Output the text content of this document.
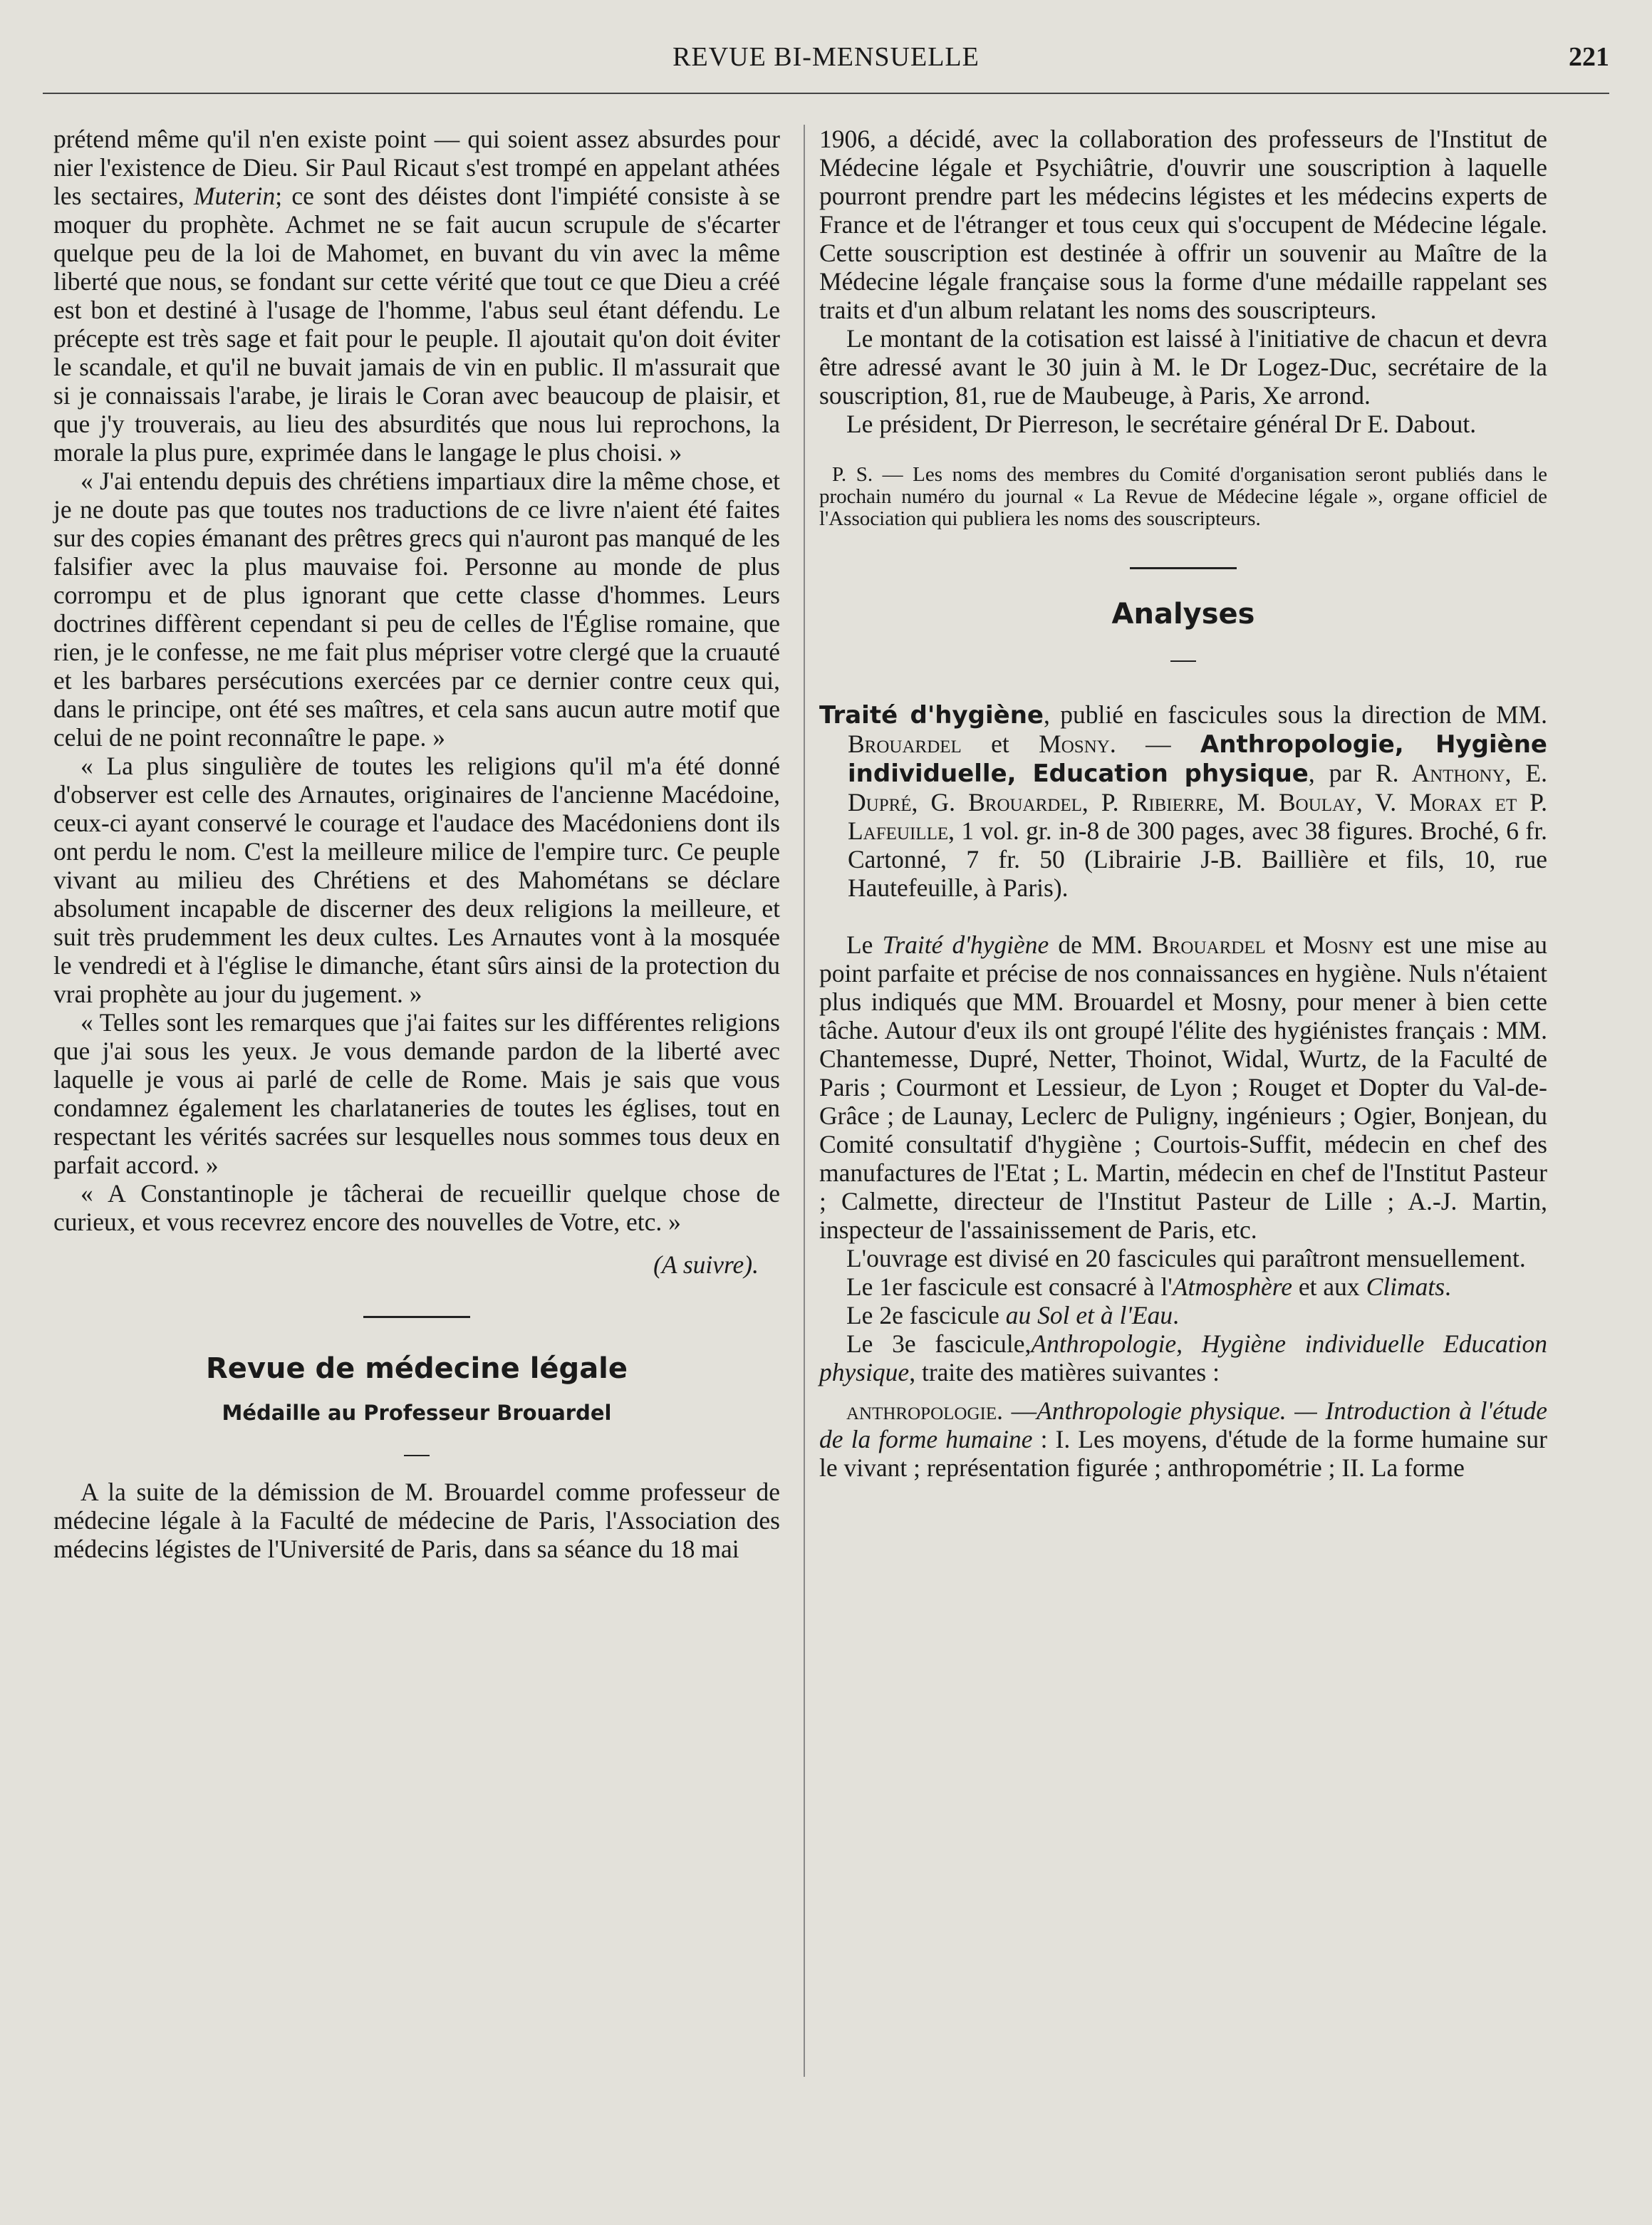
REVUE BI-MENSUELLE	221

prétend même qu'il n'en existe point — qui soient assez absurdes pour nier l'existence de Dieu. Sir Paul Ricaut s'est trompé en appelant athées les sectaires, Muterin; ce sont des déistes dont l'impiété consiste à se moquer du prophète. Achmet ne se fait aucun scrupule de s'écarter quelque peu de la loi de Mahomet, en buvant du vin avec la même liberté que nous, se fondant sur cette vérité que tout ce que Dieu a créé est bon et destiné à l'usage de l'homme, l'abus seul étant défendu. Le précepte est très sage et fait pour le peuple. Il ajoutait qu'on doit éviter le scandale, et qu'il ne buvait jamais de vin en public. Il m'assurait que si je connaissais l'arabe, je lirais le Coran avec beaucoup de plaisir, et que j'y trouverais, au lieu des absurdités que nous lui reprochons, la morale la plus pure, exprimée dans le langage le plus choisi. »

« J'ai entendu depuis des chrétiens impartiaux dire la même chose, et je ne doute pas que toutes nos traductions de ce livre n'aient été faites sur des copies émanant des prêtres grecs qui n'auront pas manqué de les falsifier avec la plus mauvaise foi. Personne au monde de plus corrompu et de plus ignorant que cette classe d'hommes. Leurs doctrines diffèrent cependant si peu de celles de l'Église romaine, que rien, je le confesse, ne me fait plus mépriser votre clergé que la cruauté et les barbares persécutions exercées par ce dernier contre ceux qui, dans le principe, ont été ses maîtres, et cela sans aucun autre motif que celui de ne point reconnaître le pape. »

« La plus singulière de toutes les religions qu'il m'a été donné d'observer est celle des Arnautes, originaires de l'ancienne Macédoine, ceux-ci ayant conservé le courage et l'audace des Macédoniens dont ils ont perdu le nom. C'est la meilleure milice de l'empire turc. Ce peuple vivant au milieu des Chrétiens et des Mahométans se déclare absolument incapable de discerner des deux religions la meilleure, et suit très prudemment les deux cultes. Les Arnautes vont à la mosquée le vendredi et à l'église le dimanche, étant sûrs ainsi de la protection du vrai prophète au jour du jugement. »

« Telles sont les remarques que j'ai faites sur les différentes religions que j'ai sous les yeux. Je vous demande pardon de la liberté avec laquelle je vous ai parlé de celle de Rome. Mais je sais que vous condamnez également les charlataneries de toutes les églises, tout en respectant les vérités sacrées sur lesquelles nous sommes tous deux en parfait accord. »

« A Constantinople je tâcherai de recueillir quelque chose de curieux, et vous recevrez encore des nouvelles de Votre, etc. »

(A suivre).

Revue de médecine légale

Médaille au Professeur Brouardel

A la suite de la démission de M. Brouardel comme professeur de médecine légale à la Faculté de médecine de Paris, l'Association des médecins légistes de l'Université de Paris, dans sa séance du 18 mai

1906, a décidé, avec la collaboration des professeurs de l'Institut de Médecine légale et Psychiâtrie, d'ouvrir une souscription à laquelle pourront prendre part les médecins légistes et les médecins experts de France et de l'étranger et tous ceux qui s'occupent de Médecine légale. Cette souscription est destinée à offrir un souvenir au Maître de la Médecine légale française sous la forme d'une médaille rappelant ses traits et d'un album relatant les noms des souscripteurs.

Le montant de la cotisation est laissé à l'initiative de chacun et devra être adressé avant le 30 juin à M. le Dr Logez-Duc, secrétaire de la souscription, 81, rue de Maubeuge, à Paris, Xe arrond.

Le président, Dr Pierreson, le secrétaire général Dr E. Dabout.

P. S. — Les noms des membres du Comité d'organisation seront publiés dans le prochain numéro du journal « La Revue de Médecine légale », organe officiel de l'Association qui publiera les noms des souscripteurs.

Analyses

Traité d'hygiène, publié en fascicules sous la direction de MM. Brouardel et Mosny. — Anthropologie, Hygiène individuelle, Education physique, par R. Anthony, E. Dupré, G. Brouardel, P. Ribierre, M. Boulay, V. Morax et P. Lafeuille, 1 vol. gr. in-8 de 300 pages, avec 38 figures. Broché, 6 fr. Cartonné, 7 fr. 50 (Librairie J-B. Baillière et fils, 10, rue Hautefeuille, à Paris).

Le Traité d'hygiène de MM. Brouardel et Mosny est une mise au point parfaite et précise de nos connaissances en hygiène. Nuls n'étaient plus indiqués que MM. Brouardel et Mosny, pour mener à bien cette tâche. Autour d'eux ils ont groupé l'élite des hygiénistes français : MM. Chantemesse, Dupré, Netter, Thoinot, Widal, Wurtz, de la Faculté de Paris ; Courmont et Lessieur, de Lyon ; Rouget et Dopter du Val-de-Grâce ; de Launay, Leclerc de Puligny, ingénieurs ; Ogier, Bonjean, du Comité consultatif d'hygiène ; Courtois-Suffit, médecin en chef des manufactures de l'Etat ; L. Martin, médecin en chef de l'Institut Pasteur ; Calmette, directeur de l'Institut Pasteur de Lille ; A.-J. Martin, inspecteur de l'assainissement de Paris, etc.

L'ouvrage est divisé en 20 fascicules qui paraîtront mensuellement.

Le 1er fascicule est consacré à l'Atmosphère et aux Climats.

Le 2e fascicule au Sol et à l'Eau.

Le 3e fascicule,Anthropologie, Hygiène individuelle Education physique, traite des matières suivantes :

anthropologie. —Anthropologie physique. — Introduction à l'étude de la forme humaine : I. Les moyens, d'étude de la forme humaine sur le vivant ; représentation figurée ; anthropométrie ; II. La forme
